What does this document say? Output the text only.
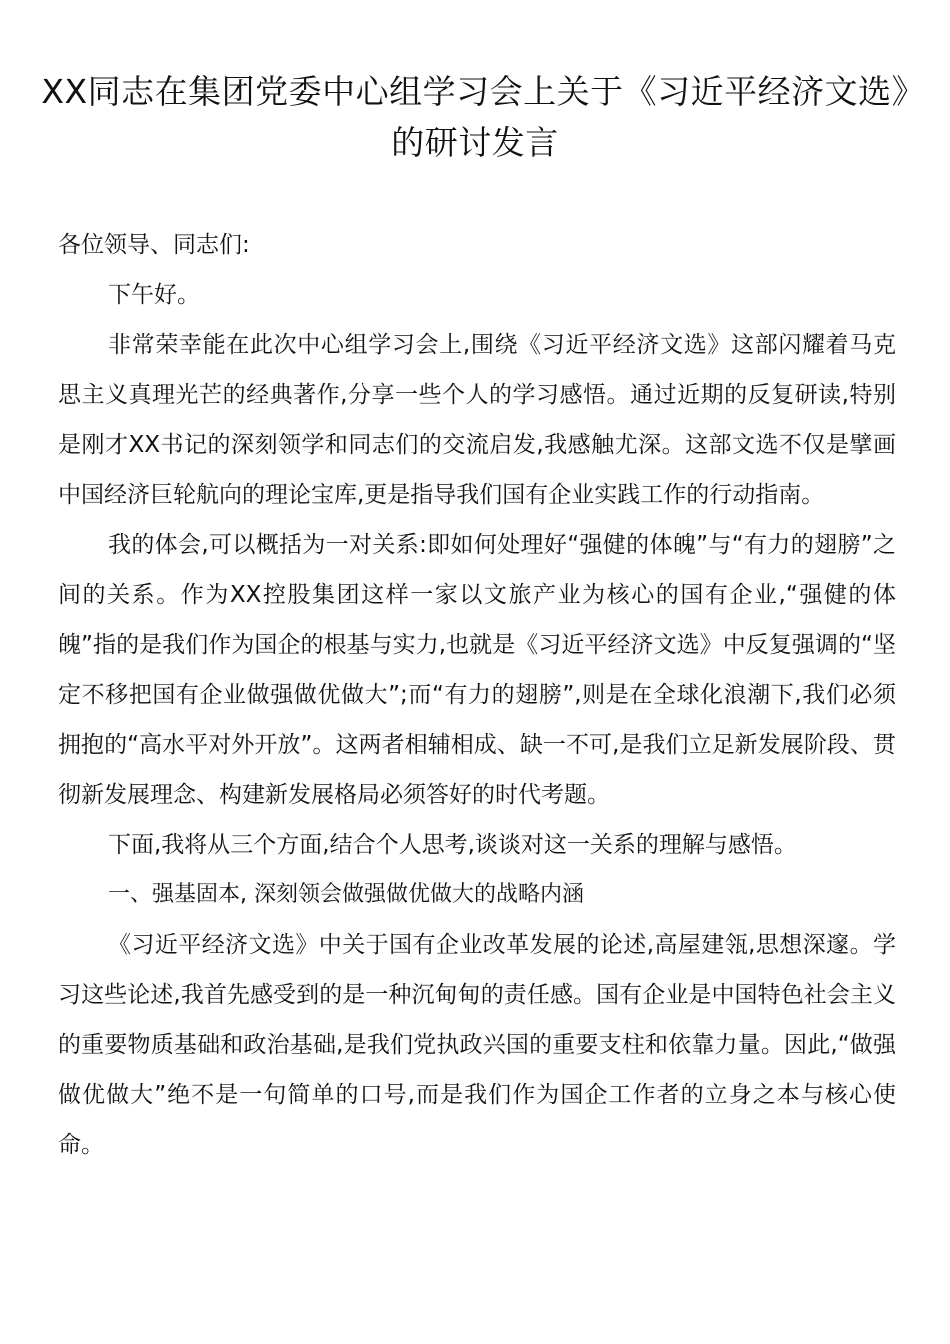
XX同志在集团党委中心组学习会上关于《习近平经济文选》的研讨发言

各位领导、同志们:

下午好。

非常荣幸能在此次中心组学习会上,围绕《习近平经济文选》这部闪耀着马克思主义真理光芒的经典著作,分享一些个人的学习感悟。通过近期的反复研读,特别是刚才XX书记的深刻领学和同志们的交流启发,我感触尤深。这部文选不仅是擘画中国经济巨轮航向的理论宝库,更是指导我们国有企业实践工作的行动指南。

我的体会,可以概括为一对关系:即如何处理好“强健的体魄”与“有力的翅膀”之间的关系。作为XX控股集团这样一家以文旅产业为核心的国有企业,“强健的体魄”指的是我们作为国企的根基与实力,也就是《习近平经济文选》中反复强调的“坚定不移把国有企业做强做优做大”;而“有力的翅膀”,则是在全球化浪潮下,我们必须拥抱的“高水平对外开放”。这两者相辅相成、缺一不可,是我们立足新发展阶段、贯彻新发展理念、构建新发展格局必须答好的时代考题。

下面,我将从三个方面,结合个人思考,谈谈对这一关系的理解与感悟。

一、强基固本, 深刻领会做强做优做大的战略内涵

《习近平经济文选》中关于国有企业改革发展的论述,高屋建瓴,思想深邃。学习这些论述,我首先感受到的是一种沉甸甸的责任感。国有企业是中国特色社会主义的重要物质基础和政治基础,是我们党执政兴国的重要支柱和依靠力量。因此,“做强做优做大”绝不是一句简单的口号,而是我们作为国企工作者的立身之本与核心使命。
